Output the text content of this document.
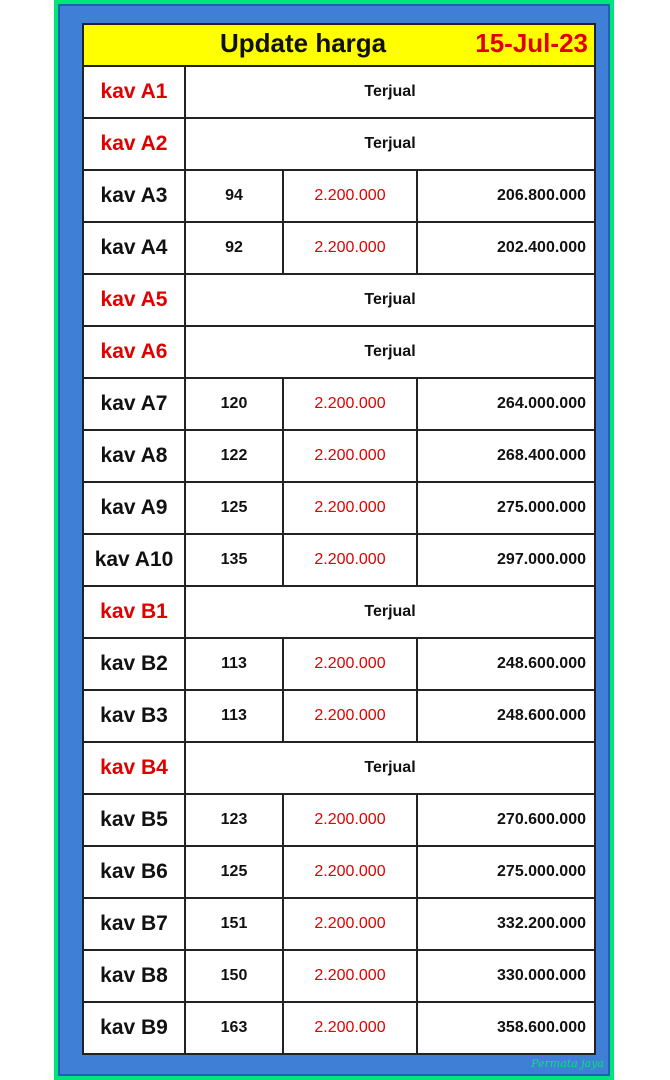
Update harga	15-Jul-23
kav A1	Terjual
kav A2	Terjual
kav A3	94	2.200.000	206.800.000
kav A4	92	2.200.000	202.400.000
kav A5	Terjual
kav A6	Terjual
kav A7	120	2.200.000	264.000.000
kav A8	122	2.200.000	268.400.000
kav A9	125	2.200.000	275.000.000
kav A10	135	2.200.000	297.000.000
kav B1	Terjual
kav B2	113	2.200.000	248.600.000
kav B3	113	2.200.000	248.600.000
kav B4	Terjual
kav B5	123	2.200.000	270.600.000
kav B6	125	2.200.000	275.000.000
kav B7	151	2.200.000	332.200.000
kav B8	150	2.200.000	330.000.000
kav B9	163	2.200.000	358.600.000
Permata jaya
